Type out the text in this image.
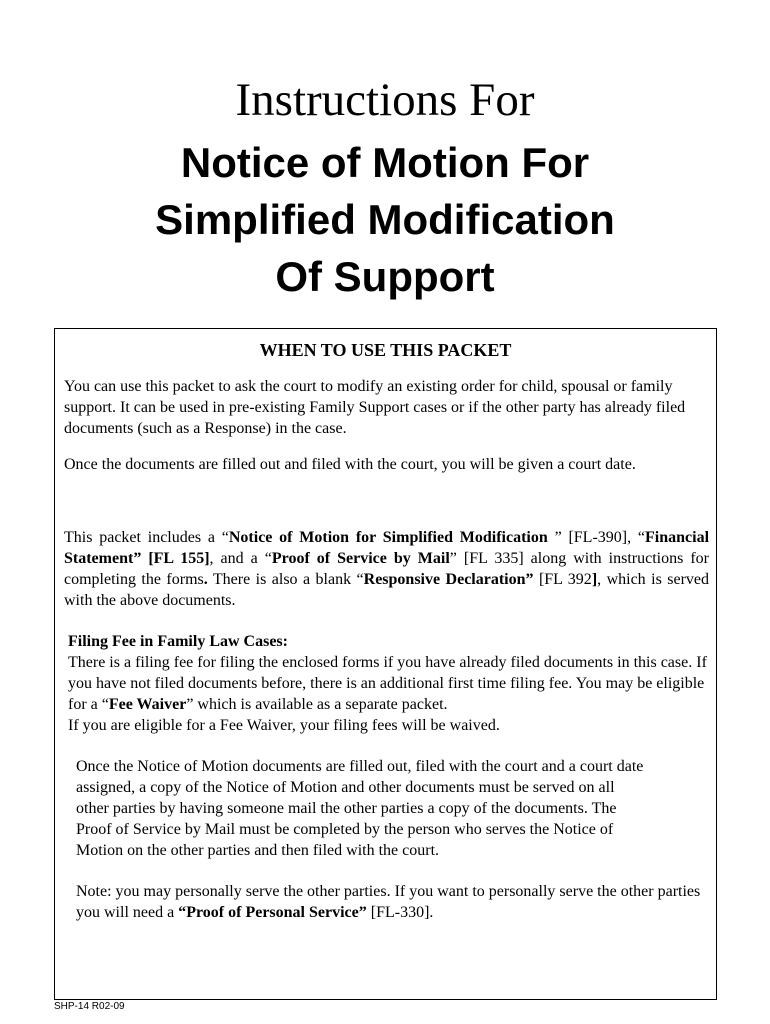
Instructions For
Notice of Motion For
Simplified Modification
Of Support
WHEN TO USE THIS PACKET

You can use this packet to ask the court to modify an existing order for child, spousal or family support. It can be used in pre-existing Family Support cases or if the other party has already filed documents (such as a Response) in the case.

Once the documents are filled out and filed with the court, you will be given a court date.

This packet includes a “Notice of Motion for Simplified Modification ” [FL-390], “Financial Statement” [FL 155], and a “Proof of Service by Mail” [FL 335] along with instructions for completing the forms. There is also a blank “Responsive Declaration” [FL 392], which is served with the above documents.

Filing Fee in Family Law Cases:
There is a filing fee for filing the enclosed forms if you have already filed documents in this case. If you have not filed documents before, there is an additional first time filing fee. You may be eligible for a “Fee Waiver” which is available as a separate packet.
If you are eligible for a Fee Waiver, your filing fees will be waived.

Once the Notice of Motion documents are filled out, filed with the court and a court date
assigned, a copy of the Notice of Motion and other documents must be served on all
other parties by having someone mail the other parties a copy of the documents. The
Proof of Service by Mail must be completed by the person who serves the Notice of
Motion on the other parties and then filed with the court.

Note: you may personally serve the other parties. If you want to personally serve the other parties you will need a “Proof of Personal Service” [FL-330].

SHP-14 R02-09
